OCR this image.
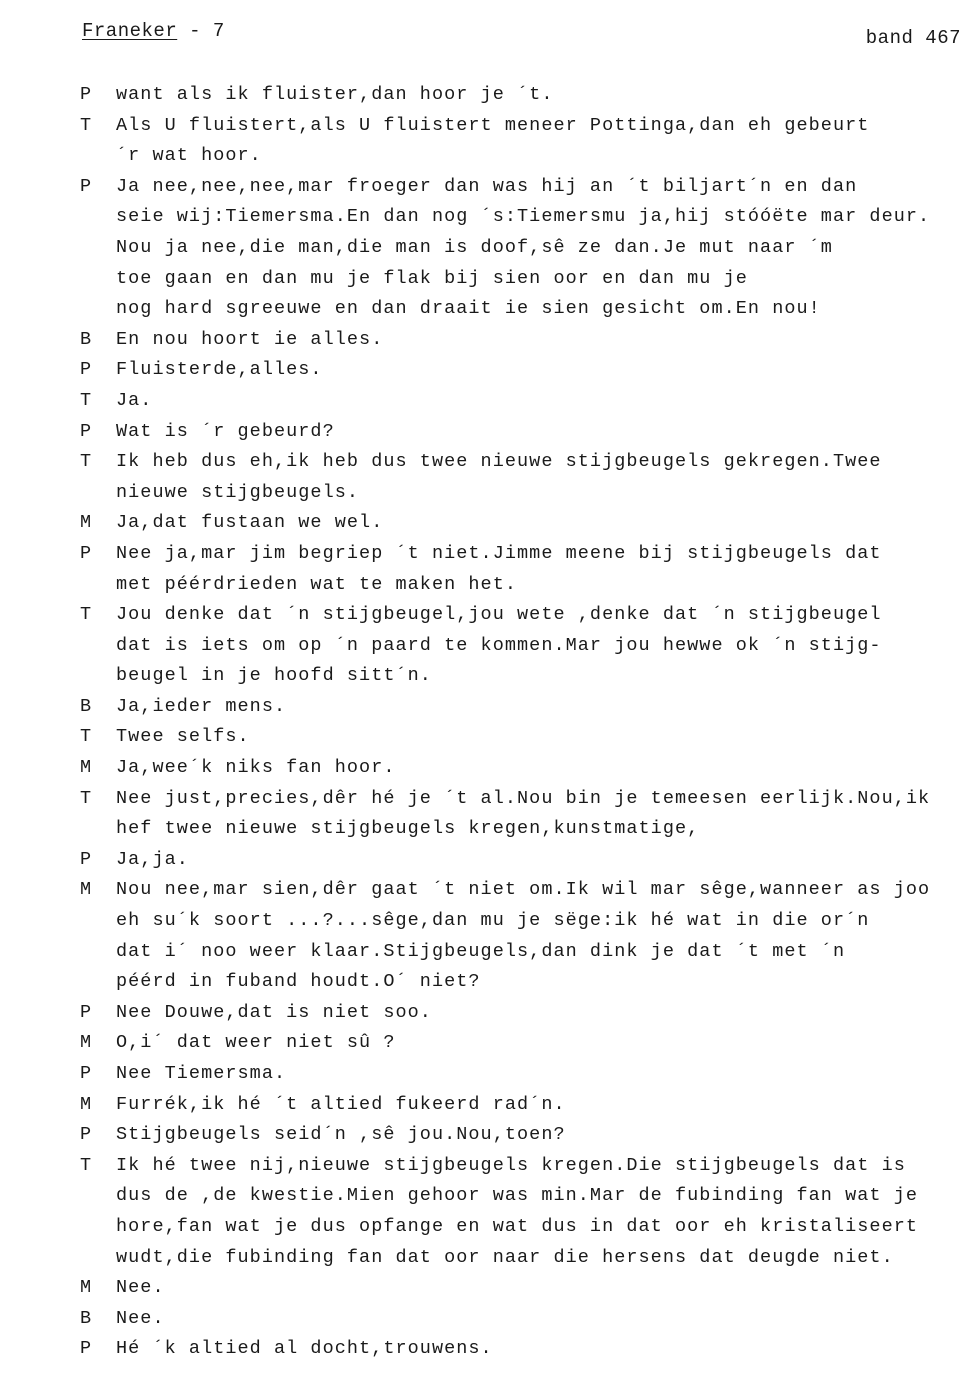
Franeker - 7	band 467
P	want als ik fluister,dan hoor je ´t.
T	Als U fluistert,als U fluistert meneer Pottinga,dan eh gebeurt
´r wat hoor.
P	Ja nee,nee,nee,mar froeger dan was hij an ´t biljart´n en dan
seie wij:Tiemersma.En dan nog ´s:Tiemersmu ja,hij stóóëte mar deur.
Nou ja nee,die man,die man is doof,sê ze dan.Je mut naar ´m
toe gaan en dan mu je flak bij sien oor en dan mu je
nog hard sgreeuwe en dan draait ie sien gesicht om.En nou!
B	En nou hoort ie alles.
P	Fluisterde,alles.
T	Ja.
P	Wat is ´r gebeurd?
T	Ik heb dus eh,ik heb dus twee nieuwe stijgbeugels gekregen.Twee
nieuwe stijgbeugels.
M	Ja,dat fustaan we wel.
P	Nee ja,mar jim begriep ´t niet.Jimme meene bij stijgbeugels dat
met péérdrieden wat te maken het.
T	Jou denke dat ´n stijgbeugel,jou wete ,denke dat ´n stijgbeugel
dat is iets om op ´n paard te kommen.Mar jou hewwe ok ´n stijg-
beugel in je hoofd sitt´n.
B	Ja,ieder mens.
T	Twee selfs.
M	Ja,wee´k niks fan hoor.
T	Nee just,precies,dêr hé je ´t al.Nou bin je temeesen eerlijk.Nou,ik
hef twee nieuwe stijgbeugels kregen,kunstmatige,
P	Ja,ja.
M	Nou nee,mar sien,dêr gaat ´t niet om.Ik wil mar sêge,wanneer as joo
eh su´k soort ...?...sêge,dan mu je sëge:ik hé wat in die or´n
dat i´ noo weer klaar.Stijgbeugels,dan dink je dat ´t met ´n
péérd in fuband houdt.O´ niet?
P	Nee Douwe,dat is niet soo.
M	O,i´ dat weer niet sû ?
P	Nee Tiemersma.
M	Furrék,ik hé ´t altied fukeerd rad´n.
P	Stijgbeugels seid´n ,sê jou.Nou,toen?
T	Ik hé twee nij,nieuwe stijgbeugels kregen.Die stijgbeugels dat is
dus de ,de kwestie.Mien gehoor was min.Mar de fubinding fan wat je
hore,fan wat je dus opfange en wat dus in dat oor eh kristaliseert
wudt,die fubinding fan dat oor naar die hersens dat deugde niet.
M	Nee.
B	Nee.
P	Hé ´k altied al docht,trouwens.
